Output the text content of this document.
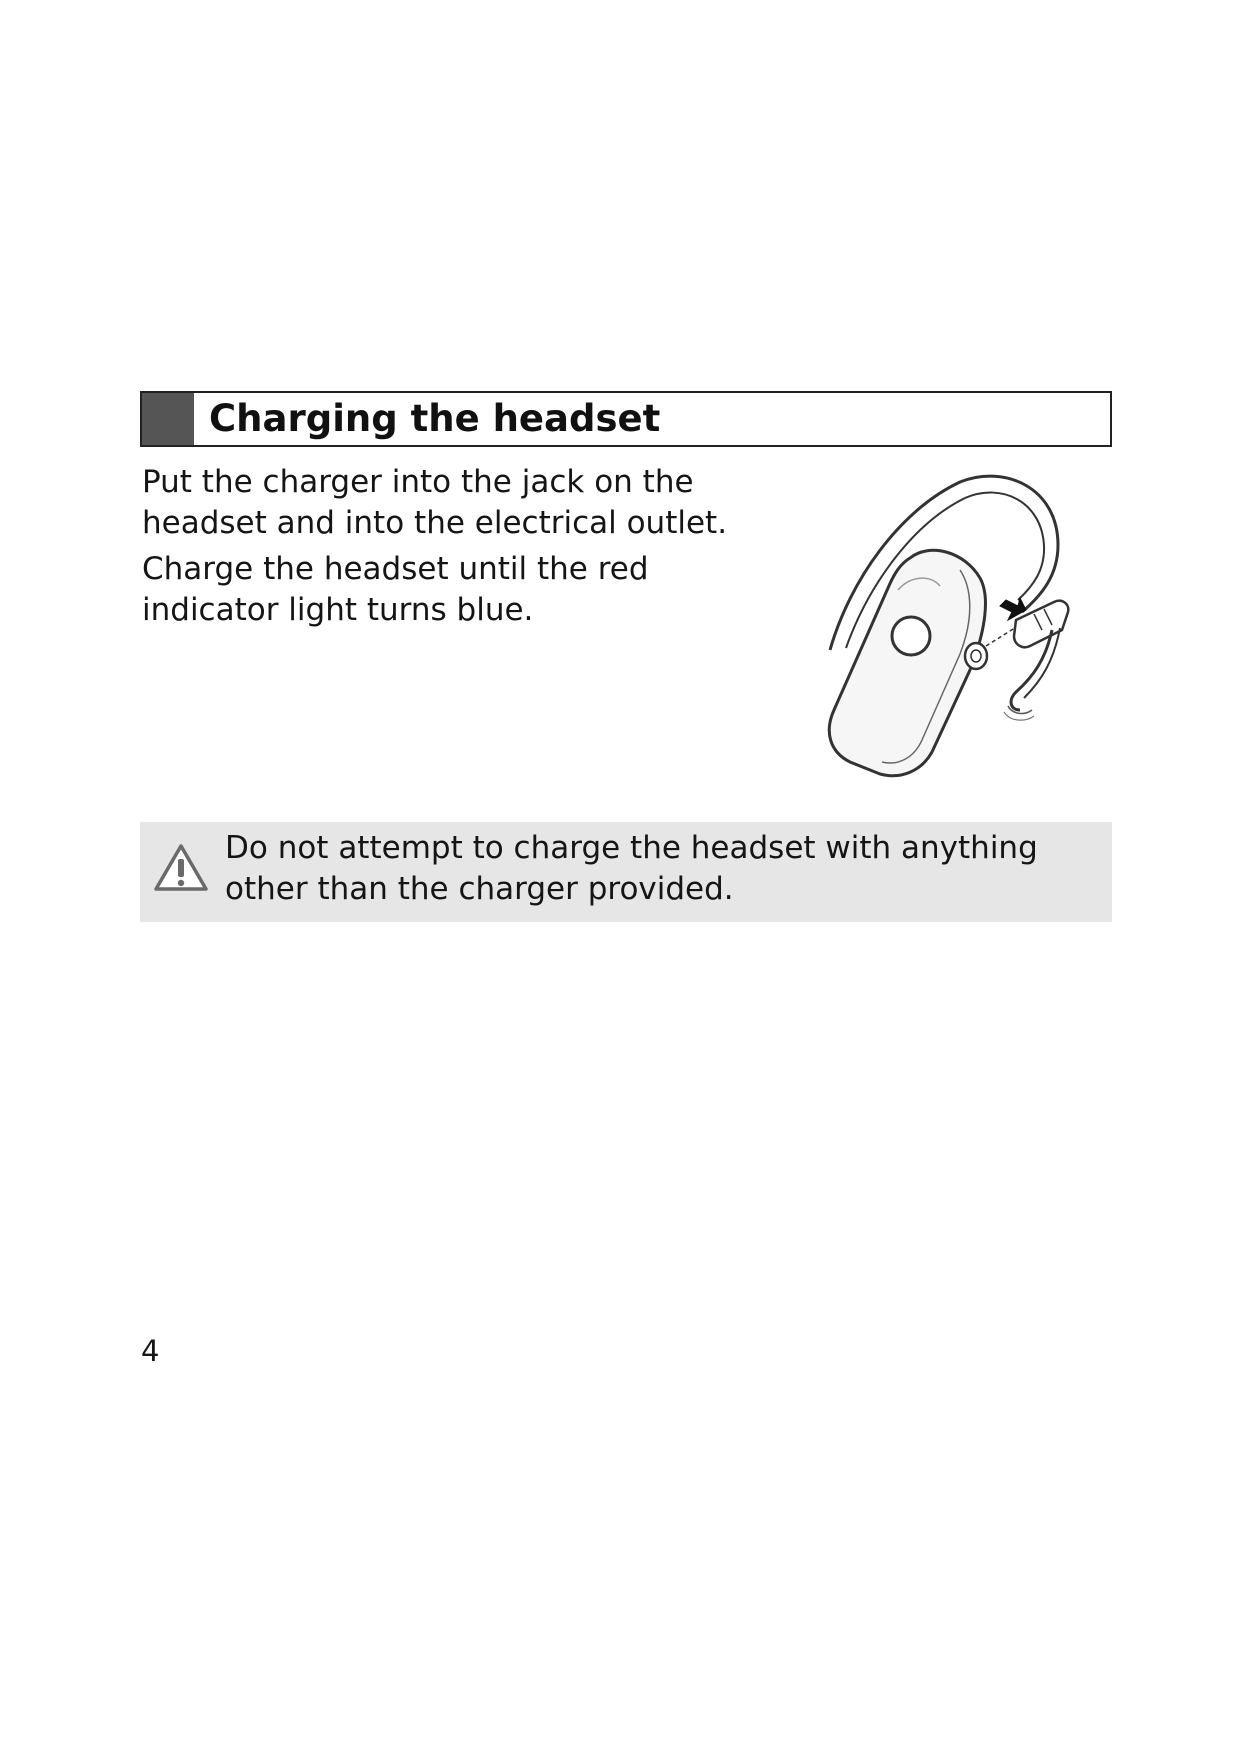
Charging the headset

Put the charger into the jack on the headset and into the electrical outlet.

Charge the headset until the red indicator light turns blue.

Do not attempt to charge the headset with anything other than the charger provided.

4
